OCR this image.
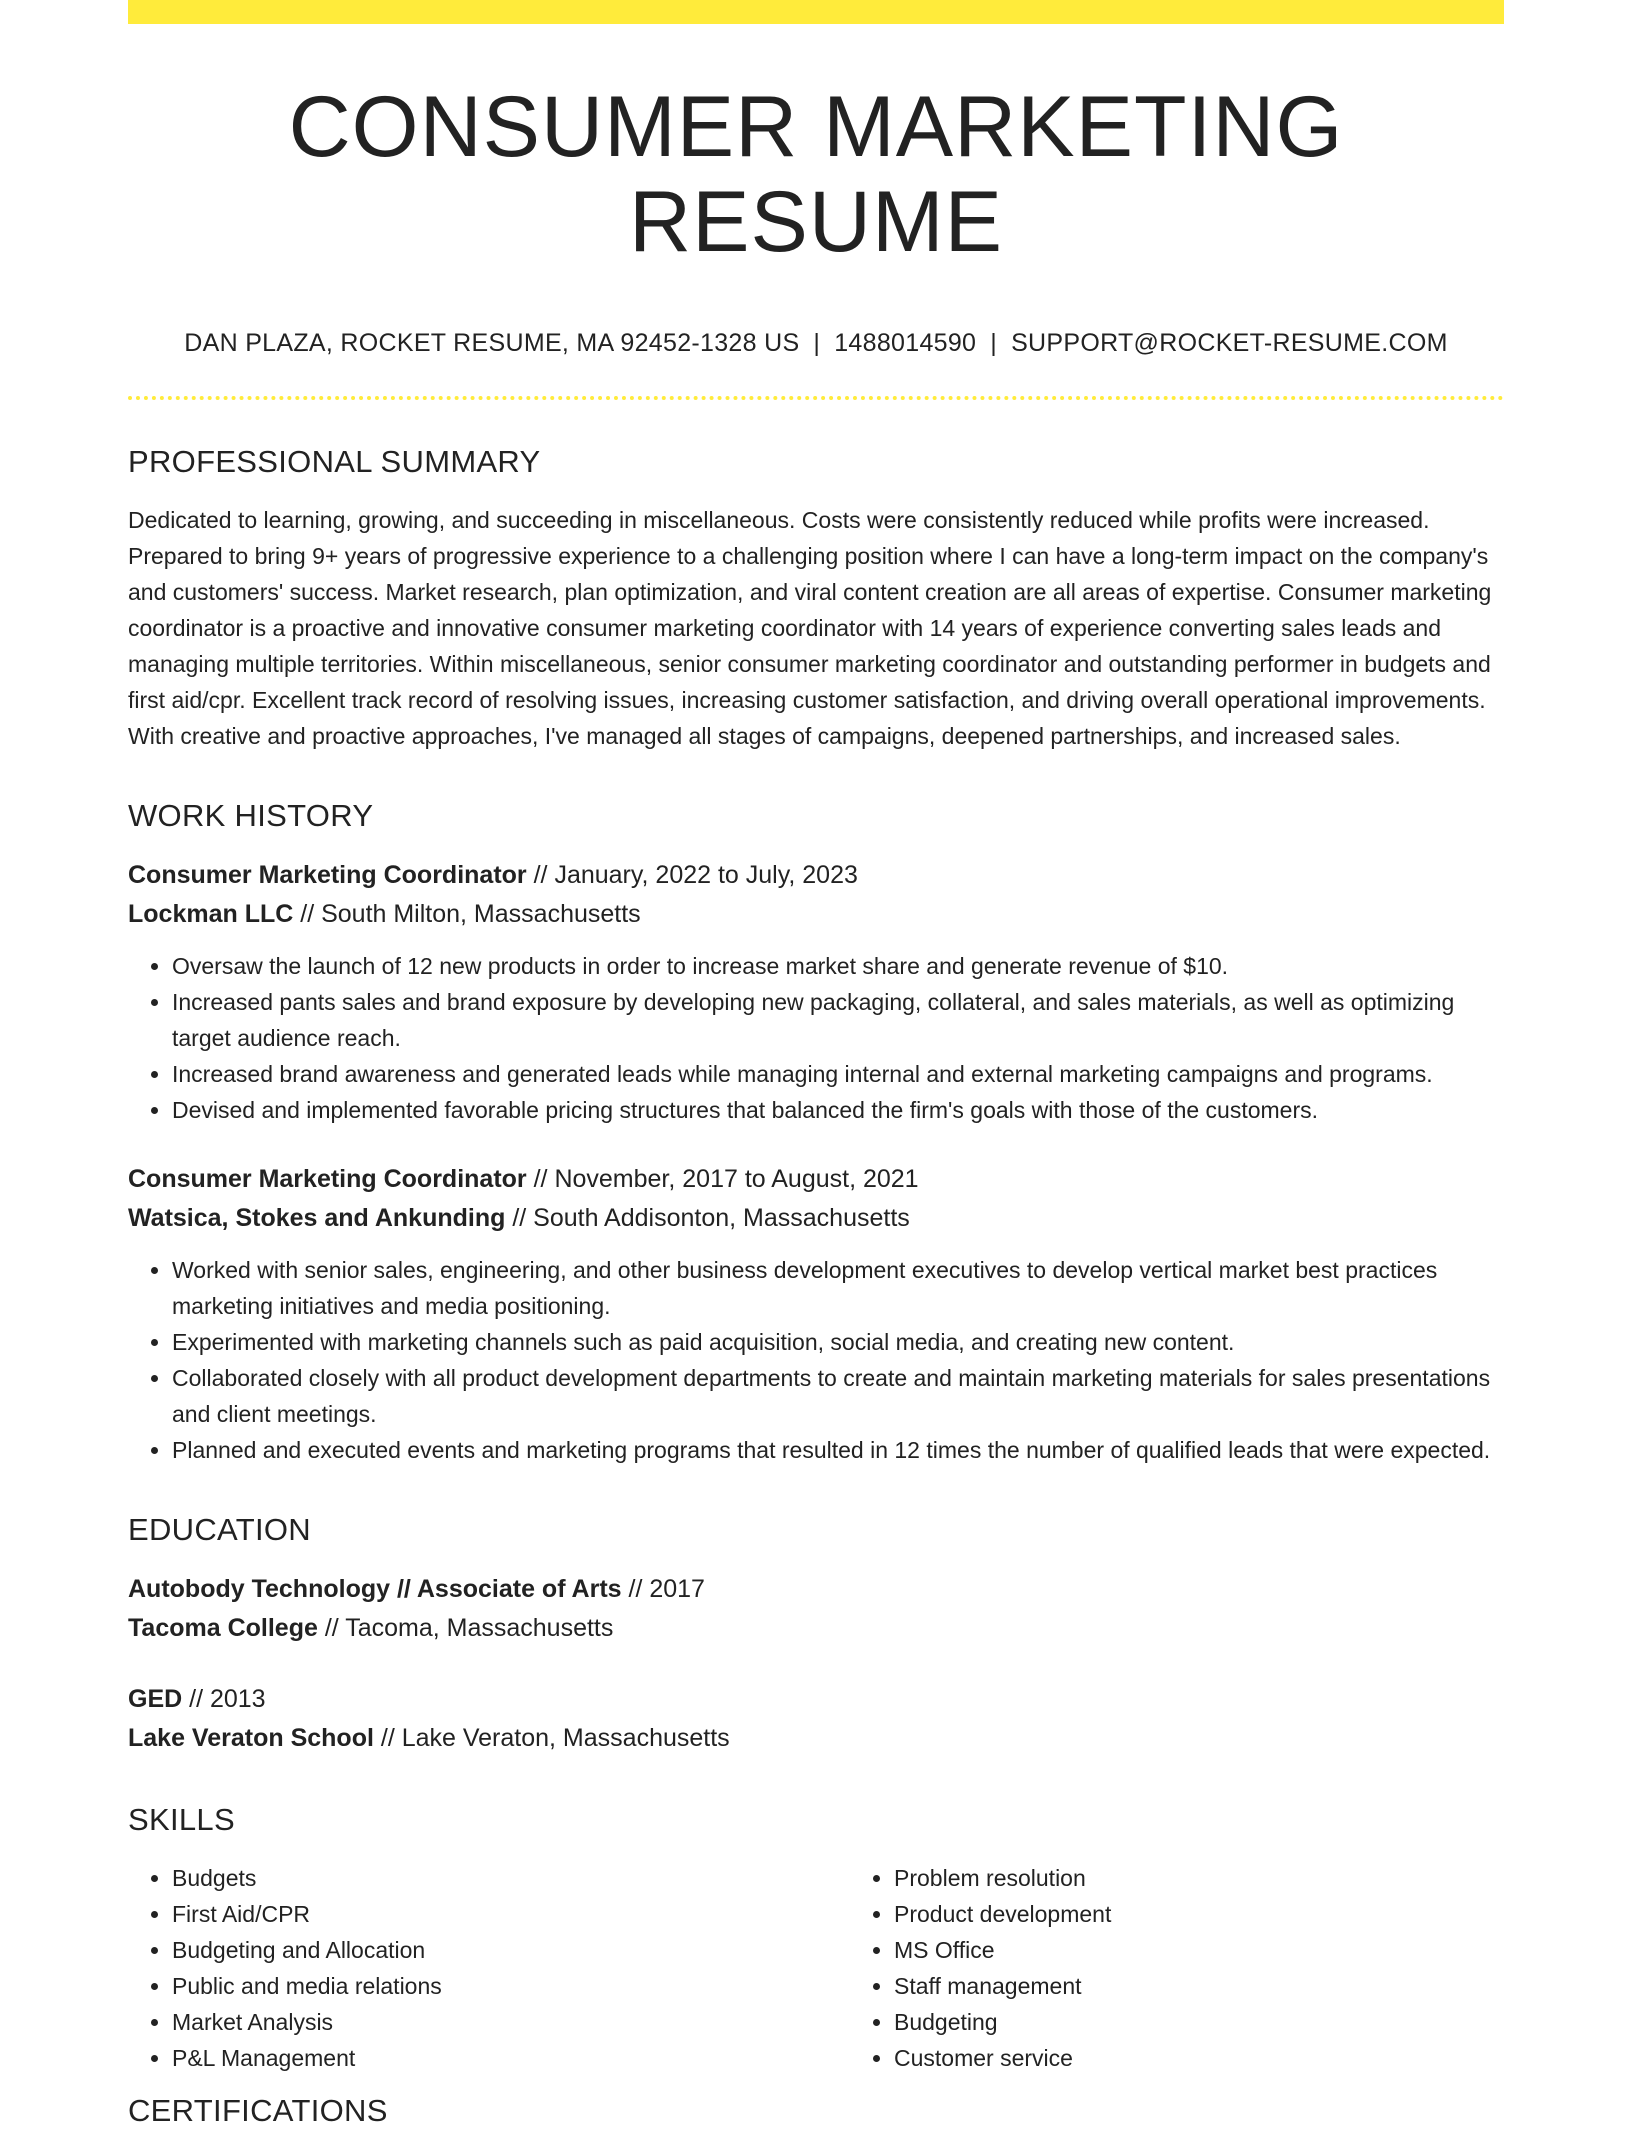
CONSUMER MARKETING RESUME
DAN PLAZA, ROCKET RESUME, MA 92452-1328 US | 1488014590 | SUPPORT@ROCKET-RESUME.COM
PROFESSIONAL SUMMARY

Dedicated to learning, growing, and succeeding in miscellaneous. Costs were consistently reduced while profits were increased. Prepared to bring 9+ years of progressive experience to a challenging position where I can have a long-term impact on the company's and customers' success. Market research, plan optimization, and viral content creation are all areas of expertise. Consumer marketing coordinator is a proactive and innovative consumer marketing coordinator with 14 years of experience converting sales leads and managing multiple territories. Within miscellaneous, senior consumer marketing coordinator and outstanding performer in budgets and first aid/cpr. Excellent track record of resolving issues, increasing customer satisfaction, and driving overall operational improvements. With creative and proactive approaches, I've managed all stages of campaigns, deepened partnerships, and increased sales.

WORK HISTORY

Consumer Marketing Coordinator // January, 2022 to July, 2023

Lockman LLC // South Milton, Massachusetts

• Oversaw the launch of 12 new products in order to increase market share and generate revenue of $10.
• Increased pants sales and brand exposure by developing new packaging, collateral, and sales materials, as well as optimizing target audience reach.
• Increased brand awareness and generated leads while managing internal and external marketing campaigns and programs.
• Devised and implemented favorable pricing structures that balanced the firm's goals with those of the customers.

Consumer Marketing Coordinator // November, 2017 to August, 2021

Watsica, Stokes and Ankunding // South Addisonton, Massachusetts

• Worked with senior sales, engineering, and other business development executives to develop vertical market best practices marketing initiatives and media positioning.
• Experimented with marketing channels such as paid acquisition, social media, and creating new content.
• Collaborated closely with all product development departments to create and maintain marketing materials for sales presentations and client meetings.
• Planned and executed events and marketing programs that resulted in 12 times the number of qualified leads that were expected.
EDUCATION

Autobody Technology // Associate of Arts // 2017

Tacoma College // Tacoma, Massachusetts

GED // 2013

Lake Veraton School // Lake Veraton, Massachusetts

SKILLS
• Budgets
• First Aid/CPR
• Budgeting and Allocation
• Public and media relations
• Market Analysis
• P&L Management
• Problem resolution
• Product development
• MS Office
• Staff management
• Budgeting
• Customer service
CERTIFICATIONS
